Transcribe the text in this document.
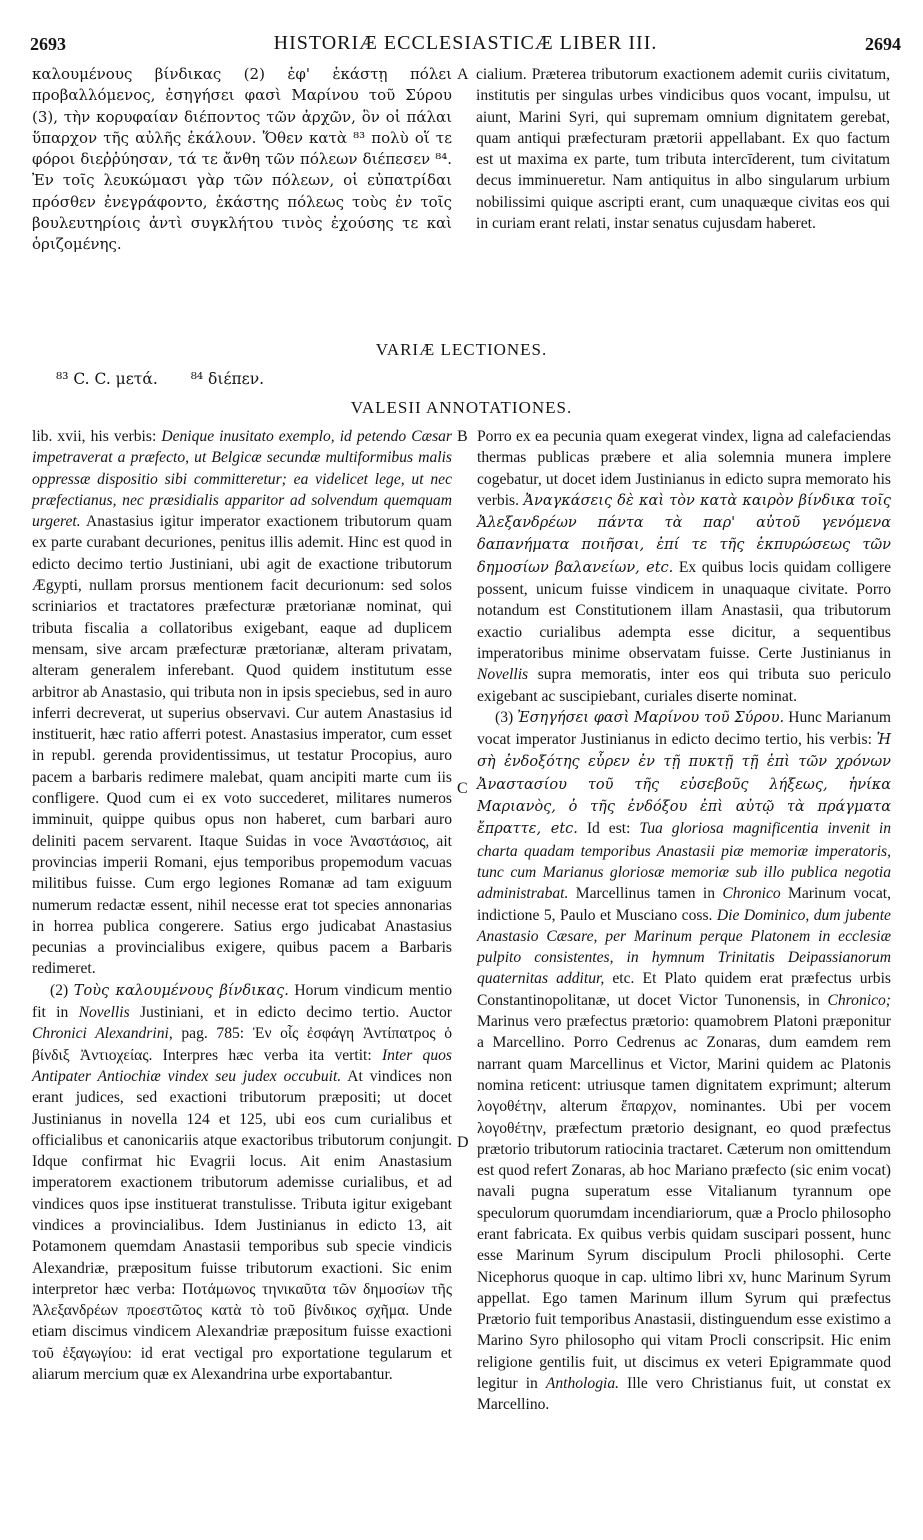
2693	HISTORIÆ ECCLESIASTICÆ LIBER III.	2694

καλουμένους βίνδικας (2) ἐφ' ἑκάστῃ πόλει προβαλλόμενος, ἐσηγήσει φασὶ Μαρίνου τοῦ Σύρου (3), τὴν κορυφαίαν διέποντος τῶν ἀρχῶν, ὃν οἱ πάλαι ὕπαρχον τῆς αὐλῆς ἐκάλουν. Ὅθεν κατὰ ⁸³ πολὺ οἵ τε φόροι διεῤῥύησαν, τά τε ἄνθη τῶν πόλεων διέπεσεν ⁸⁴. Ἐν τοῖς λευκώμασι γὰρ τῶν πόλεων, οἱ εὐπατρίδαι πρόσθεν ἐνεγράφοντο, ἑκάστης πόλεως τοὺς ἐν τοῖς βουλευτηρίοις ἀντὶ συγκλήτου τινὸς ἐχούσης τε καὶ ὁριζομένης.

A cialium. Præterea tributorum exactionem ademit curiis civitatum, institutis per singulas urbes vindicibus quos vocant, impulsu, ut aiunt, Marini Syri, qui supremam omnium dignitatem gerebat, quam antiqui præfecturam prætorii appellabant. Ex quo factum est ut maxima ex parte, tum tributa intercīderent, tum civitatum decus imminueretur. Nam antiquitus in albo singularum urbium nobilissimi quique ascripti erant, cum unaquæque civitas eos qui in curiam erant relati, instar senatus cujusdam haberet.

VARIÆ LECTIONES.
⁸³ C. C. μετά. ⁸⁴ διέπεν.
VALESII ANNOTATIONES.

lib. xvii, his verbis: Denique inusitato exemplo, id petendo Cæsar impetraverat a præfecto, ut Belgicæ secundæ multiformibus malis oppressæ dispositio sibi committeretur; ea videlicet lege, ut nec præfectianus, nec præsidialis apparitor ad solvendum quemquam urgeret. Anastasius igitur imperator exactionem tributorum quam ex parte curabant decuriones, penitus illis ademit. Hinc est quod in edicto decimo tertio Justiniani, ubi agit de exactione tributorum Ægypti, nullam prorsus mentionem facit decurionum: sed solos scriniarios et tractatores præfecturæ prætorianæ nominat, qui tributa fiscalia a collatoribus exigebant, eaque ad duplicem mensam, sive arcam præfecturæ prætorianæ, alteram privatam, alteram generalem inferebant. Quod quidem institutum esse arbitror ab Anastasio, qui tributa non in ipsis speciebus, sed in auro inferri decreverat, ut superius observavi. Cur autem Anastasius id instituerit, hæc ratio afferri potest. Anastasius imperator, cum esset in republ. gerenda providentissimus, ut testatur Procopius, auro pacem a barbaris redimere malebat, quam ancipiti marte cum iis confligere. Quod cum ei ex voto succederet, militares numeros imminuit, quippe quibus opus non haberet, cum barbari auro deliniti pacem servarent. Itaque Suidas in voce Ἀναστάσιος, ait provincias imperii Romani, ejus temporibus propemodum vacuas militibus fuisse. Cum ergo legiones Romanæ ad tam exiguum numerum redactæ essent, nihil necesse erat tot species annonarias in horrea publica congerere. Satius ergo judicabat Anastasius pecunias a provincialibus exigere, quibus pacem a Barbaris redimeret.

(2) Τοὺς καλουμένους βίνδικας. Horum vindicum mentio fit in Novellis Justiniani, et in edicto decimo tertio. Auctor Chronici Alexandrini, pag. 785: Ἐν οἷς ἐσφάγη Ἀντίπατρος ὁ βίνδιξ Ἀντιοχείας. Interpres hæc verba ita vertit: Inter quos Antipater Antiochiæ vindex seu judex occubuit. At vindices non erant judices, sed exactioni tributorum præpositi; ut docet Justinianus in novella 124 et 125, ubi eos cum curialibus et officialibus et canonicariis atque exactoribus tributorum conjungit. Idque confirmat hic Evagrii locus. Ait enim Anastasium imperatorem exactionem tributorum ademisse curialibus, et ad vindices quos ipse instituerat transtulisse. Tributa igitur exigebant vindices a provincialibus. Idem Justinianus in edicto 13, ait Potamonem quemdam Anastasii temporibus sub specie vindicis Alexandriæ, præpositum fuisse tributorum exactioni. Sic enim interpretor hæc verba: Ποτάμωνος τηνικαῦτα τῶν δημοσίων τῆς Ἀλεξανδρέων προεστῶτος κατὰ τὸ τοῦ βίνδικος σχῆμα. Unde etiam discimus vindicem Alexandriæ præpositum fuisse exactioni τοῦ ἐξαγωγίου: id erat vectigal pro exportatione tegularum et aliarum mercium quæ ex Alexandrina urbe exportabantur.

B
C
D

Porro ex ea pecunia quam exegerat vindex, ligna ad calefaciendas thermas publicas præbere et alia solemnia munera implere cogebatur, ut docet idem Justinianus in edicto supra memorato his verbis. Ἀναγκάσεις δὲ καὶ τὸν κατὰ καιρὸν βίνδικα τοῖς Ἀλεξανδρέων πάντα τὰ παρ' αὐτοῦ γενόμενα δαπανήματα ποιῆσαι, ἐπί τε τῆς ἐκπυρώσεως τῶν δημοσίων βαλανείων, etc. Ex quibus locis quidam colligere possent, unicum fuisse vindicem in unaquaque civitate. Porro notandum est Constitutionem illam Anastasii, qua tributorum exactio curialibus adempta esse dicitur, a sequentibus imperatoribus minime observatam fuisse. Certe Justinianus in Novellis supra memoratis, inter eos qui tributa suo periculo exigebant ac suscipiebant, curiales diserte nominat.

(3) Ἐσηγήσει φασὶ Μαρίνου τοῦ Σύρου. Hunc Marianum vocat imperator Justinianus in edicto decimo tertio, his verbis: Ἡ σὴ ἐνδοξότης εὗρεν ἐν τῇ πυκτῇ τῇ ἐπὶ τῶν χρόνων Ἀναστασίου τοῦ τῆς εὐσεβοῦς λήξεως, ἡνίκα Μαριανὸς, ὁ τῆς ἐνδόξου ἐπὶ αὐτῷ τὰ πράγματα ἔπραττε, etc. Id est: Tua gloriosa magnificentia invenit in charta quadam temporibus Anastasii piæ memoriæ imperatoris, tunc cum Marianus gloriosæ memoriæ sub illo publica negotia administrabat. Marcellinus tamen in Chronico Marinum vocat, indictione 5, Paulo et Musciano coss. Die Dominico, dum jubente Anastasio Cæsare, per Marinum perque Platonem in ecclesiæ pulpito consistentes, in hymnum Trinitatis Deipassianorum quaternitas additur, etc. Et Plato quidem erat præfectus urbis Constantinopolitanæ, ut docet Victor Tunonensis, in Chronico; Marinus vero præfectus prætorio: quamobrem Platoni præponitur a Marcellino. Porro Cedrenus ac Zonaras, dum eamdem rem narrant quam Marcellinus et Victor, Marini quidem ac Platonis nomina reticent: utriusque tamen dignitatem exprimunt; alterum λογοθέτην, alterum ἔπαρχον, nominantes. Ubi per vocem λογοθέτην, præfectum prætorio designant, eo quod præfectus prætorio tributorum ratiocinia tractaret. Cæterum non omittendum est quod refert Zonaras, ab hoc Mariano præfecto (sic enim vocat) navali pugna superatum esse Vitalianum tyrannum ope speculorum quorumdam incendiariorum, quæ a Proclo philosopho erant fabricata. Ex quibus verbis quidam suscipari possent, hunc esse Marinum Syrum discipulum Procli philosophi. Certe Nicephorus quoque in cap. ultimo libri xv, hunc Marinum Syrum appellat. Ego tamen Marinum illum Syrum qui præfectus Prætorio fuit temporibus Anastasii, distinguendum esse existimo a Marino Syro philosopho qui vitam Procli conscripsit. Hic enim religione gentilis fuit, ut discimus ex veteri Epigrammate quod legitur in Anthologia. Ille vero Christianus fuit, ut constat ex Marcellino.
